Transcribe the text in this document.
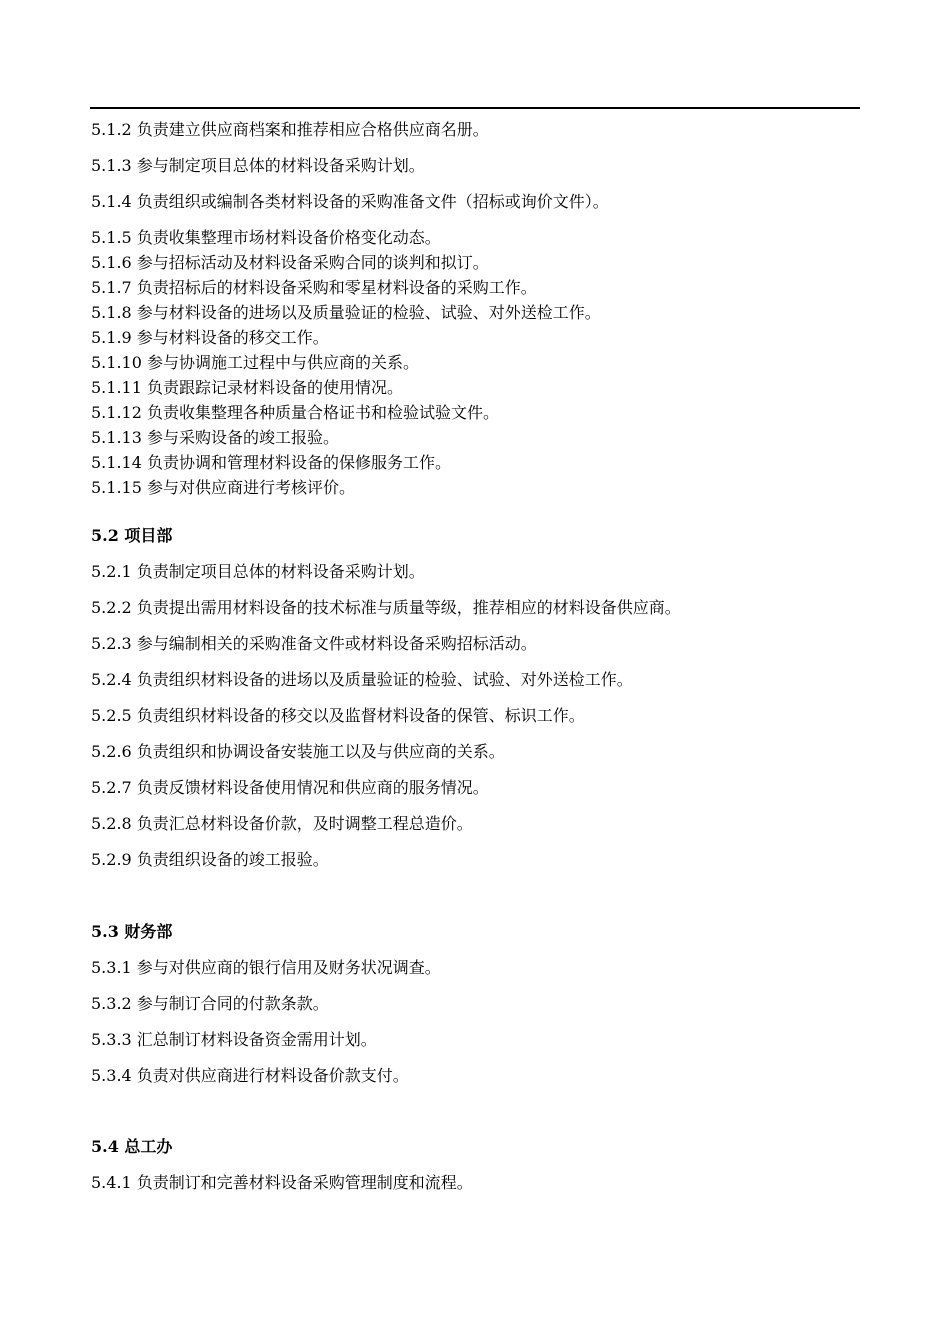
5.1.2 负责建立供应商档案和推荐相应合格供应商名册。
5.1.3 参与制定项目总体的材料设备采购计划。
5.1.4 负责组织或编制各类材料设备的采购准备文件（招标或询价文件）。
5.1.5 负责收集整理市场材料设备价格变化动态。
5.1.6 参与招标活动及材料设备采购合同的谈判和拟订。
5.1.7 负责招标后的材料设备采购和零星材料设备的采购工作。
5.1.8 参与材料设备的进场以及质量验证的检验、试验、对外送检工作。
5.1.9 参与材料设备的移交工作。
5.1.10 参与协调施工过程中与供应商的关系。
5.1.11 负责跟踪记录材料设备的使用情况。
5.1.12 负责收集整理各种质量合格证书和检验试验文件。
5.1.13 参与采购设备的竣工报验。
5.1.14 负责协调和管理材料设备的保修服务工作。
5.1.15 参与对供应商进行考核评价。
5.2 项目部
5.2.1 负责制定项目总体的材料设备采购计划。
5.2.2 负责提出需用材料设备的技术标准与质量等级，推荐相应的材料设备供应商。
5.2.3 参与编制相关的采购准备文件或材料设备采购招标活动。
5.2.4 负责组织材料设备的进场以及质量验证的检验、试验、对外送检工作。
5.2.5 负责组织材料设备的移交以及监督材料设备的保管、标识工作。
5.2.6 负责组织和协调设备安装施工以及与供应商的关系。
5.2.7 负责反馈材料设备使用情况和供应商的服务情况。
5.2.8 负责汇总材料设备价款，及时调整工程总造价。
5.2.9 负责组织设备的竣工报验。
5.3 财务部
5.3.1 参与对供应商的银行信用及财务状况调查。
5.3.2 参与制订合同的付款条款。
5.3.3 汇总制订材料设备资金需用计划。
5.3.4 负责对供应商进行材料设备价款支付。
5.4 总工办
5.4.1 负责制订和完善材料设备采购管理制度和流程。
